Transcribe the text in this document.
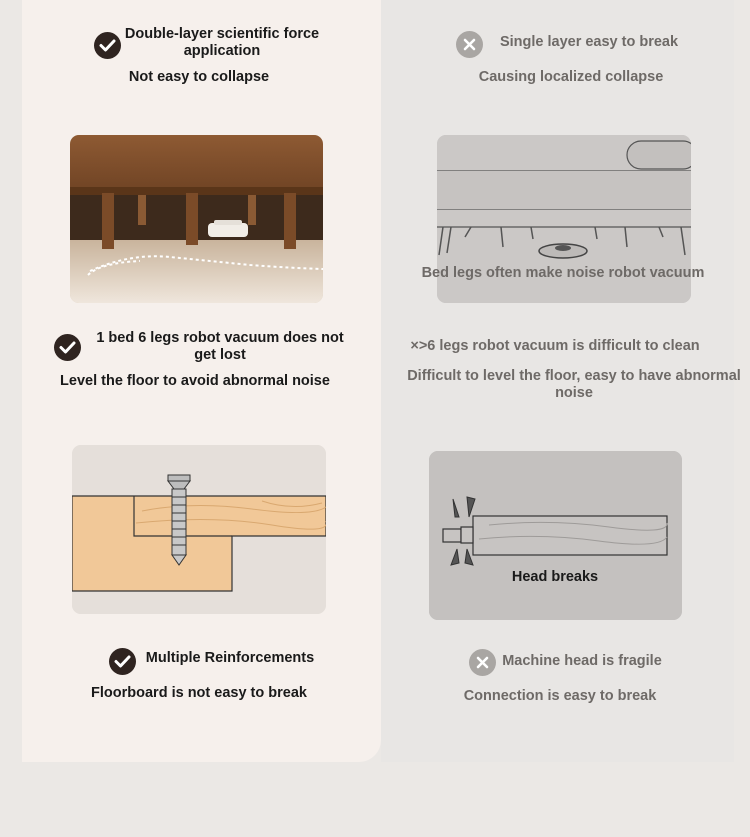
Double-layer scientific force application
Not easy to collapse
Single layer easy to break
Causing localized collapse
Bed legs often make noise robot vacuum
1 bed 6 legs robot vacuum does not get lost
Level the floor to avoid abnormal noise
×>6 legs robot vacuum is difficult to clean
Difficult to level the floor, easy to have abnormal noise
Head breaks
Multiple Reinforcements
Floorboard is not easy to break
Machine head is fragile
Connection is easy to break
